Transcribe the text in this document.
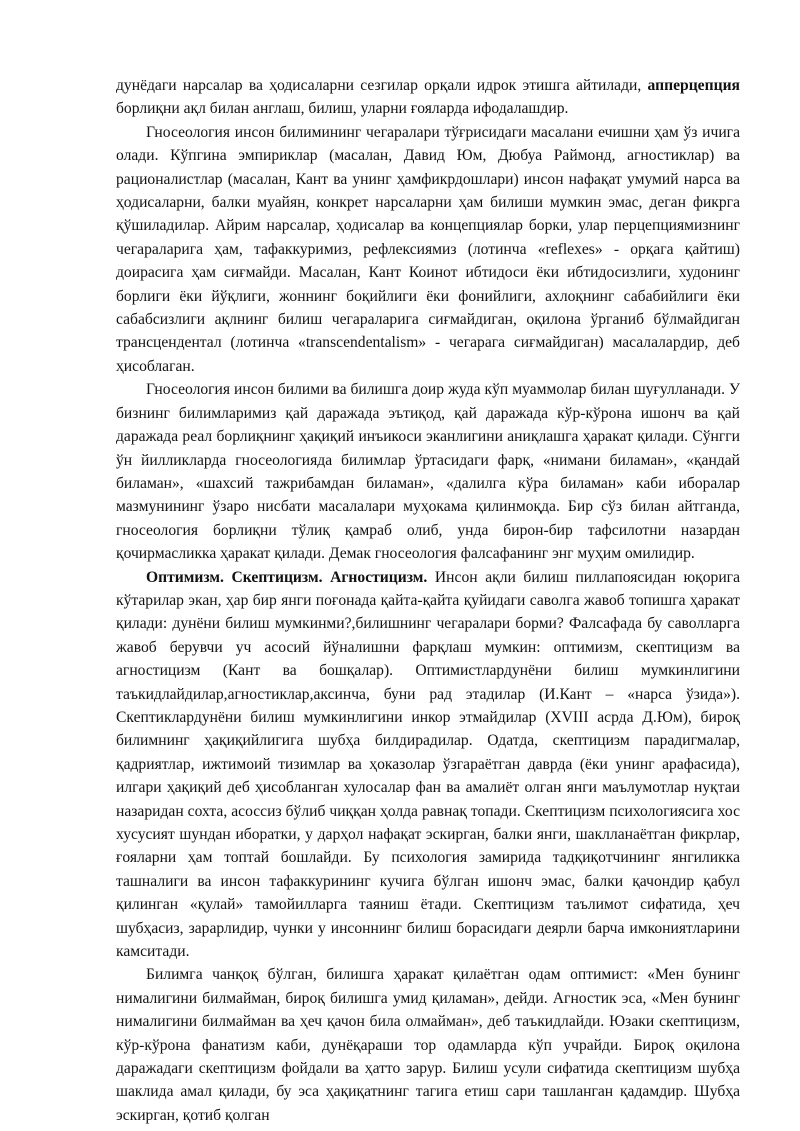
дунёдаги нарсалар ва ҳодисаларни сезгилар орқали идрок этишга айтилади, апперцепция борлиқни ақл билан англаш, билиш, уларни ғояларда ифодалашдир.

Гносеология инсон билимининг чегаралари тўғрисидаги масалани ечишни ҳам ўз ичига олади. Кўпгина эмпириклар (масалан, Давид Юм, Дюбуа Раймонд, агностиклар) ва рационалистлар (масалан, Кант ва унинг ҳамфикрдошлари) инсон нафақат умумий нарса ва ҳодисаларни, балки муайян, конкрет нарсаларни ҳам билиши мумкин эмас, деган фикрга қўшиладилар. Айрим нарсалар, ҳодисалар ва концепциялар борки, улар перцепциямизнинг чегараларига ҳам, тафаккуримиз, рефлексиямиз (лотинча «reflexes» - орқага қайтиш) доирасига ҳам сиғмайди. Масалан, Кант Коинот ибтидоси ёки ибтидосизлиги, худонинг борлиги ёки йўқлиги, жоннинг боқийлиги ёки фонийлиги, ахлоқнинг сабабийлиги ёки сабабсизлиги ақлнинг билиш чегараларига сиғмайдиган, оқилона ўрганиб бўлмайдиган трансцендентал (лотинча «transcendentalism» - чегарага сиғмайдиган) масалалардир, деб ҳисоблаган.

Гносеология инсон билими ва билишга доир жуда кўп муаммолар билан шуғулланади. У бизнинг билимларимиз қай даражада эътиқод, қай даражада кўр-кўрона ишонч ва қай даражада реал борлиқнинг ҳақиқий инъикоси эканлигини аниқлашга ҳаракат қилади. Сўнгги ўн йилликларда гносеологияда билимлар ўртасидаги фарқ, «нимани биламан», «қандай биламан», «шахсий тажрибамдан биламан», «далилга кўра биламан» каби иборалар мазмунининг ўзаро нисбати масалалари муҳокама қилинмоқда. Бир сўз билан айтганда, гносеология борлиқни тўлиқ қамраб олиб, унда бирон-бир тафсилотни назардан қочирмасликка ҳаракат қилади. Демак гносеология фалсафанинг энг муҳим омилидир.

Оптимизм. Скептицизм. Агностицизм. Инсон ақли билиш пиллапоясидан юқорига кўтарилар экан, ҳар бир янги поғонада қайта-қайта қуйидаги саволга жавоб топишга ҳаракат қилади: дунёни билиш мумкинми?,билишнинг чегаралари борми? Фалсафада бу саволларга жавоб берувчи уч асосий йўналишни фарқлаш мумкин: оптимизм, скептицизм ва агностицизм (Кант ва бошқалар). Оптимистлардунёни билиш мумкинлигини таъкидлайдилар,агностиклар,аксинча, буни рад этадилар (И.Кант – «нарса ўзида»). Скептиклардунёни билиш мумкинлигини инкор этмайдилар (XVIII асрда Д.Юм), бироқ билимнинг ҳақиқийлигига шубҳа билдирадилар. Одатда, скептицизм парадигмалар, қадриятлар, ижтимоий тизимлар ва ҳоказолар ўзгараётган даврда (ёки унинг арафасида), илгари ҳақиқий деб ҳисобланган хулосалар фан ва амалиёт олган янги маълумотлар нуқтаи назаридан сохта, асоссиз бўлиб чиққан ҳолда равнақ топади. Скептицизм психологиясига хос хусусият шундан иборатки, у дарҳол нафақат эскирган, балки янги, шаклланаётган фикрлар, ғояларни ҳам топтай бошлайди. Бу психология замирида тадқиқотчининг янгиликка ташналиги ва инсон тафаккурининг кучига бўлган ишонч эмас, балки қачондир қабул қилинган «қулай» тамойилларга таяниш ётади. Скептицизм таълимот сифатида, ҳеч шубҳасиз, зарарлидир, чунки у инсоннинг билиш борасидаги деярли барча имкониятларини камситади.

Билимга чанқоқ бўлган, билишга ҳаракат қилаётган одам оптимист: «Мен бунинг нималигини билмайман, бироқ билишга умид қиламан», дейди. Агностик эса, «Мен бунинг нималигини билмайман ва ҳеч қачон била олмайман», деб таъкидлайди. Юзаки скептицизм, кўр-кўрона фанатизм каби, дунёқараши тор одамларда кўп учрайди. Бироқ оқилона даражадаги скептицизм фойдали ва ҳатто зарур. Билиш усули сифатида скептицизм шубҳа шаклида амал қилади, бу эса ҳақиқатнинг тагига етиш сари ташланган қадамдир. Шубҳа эскирган, қотиб қолган
